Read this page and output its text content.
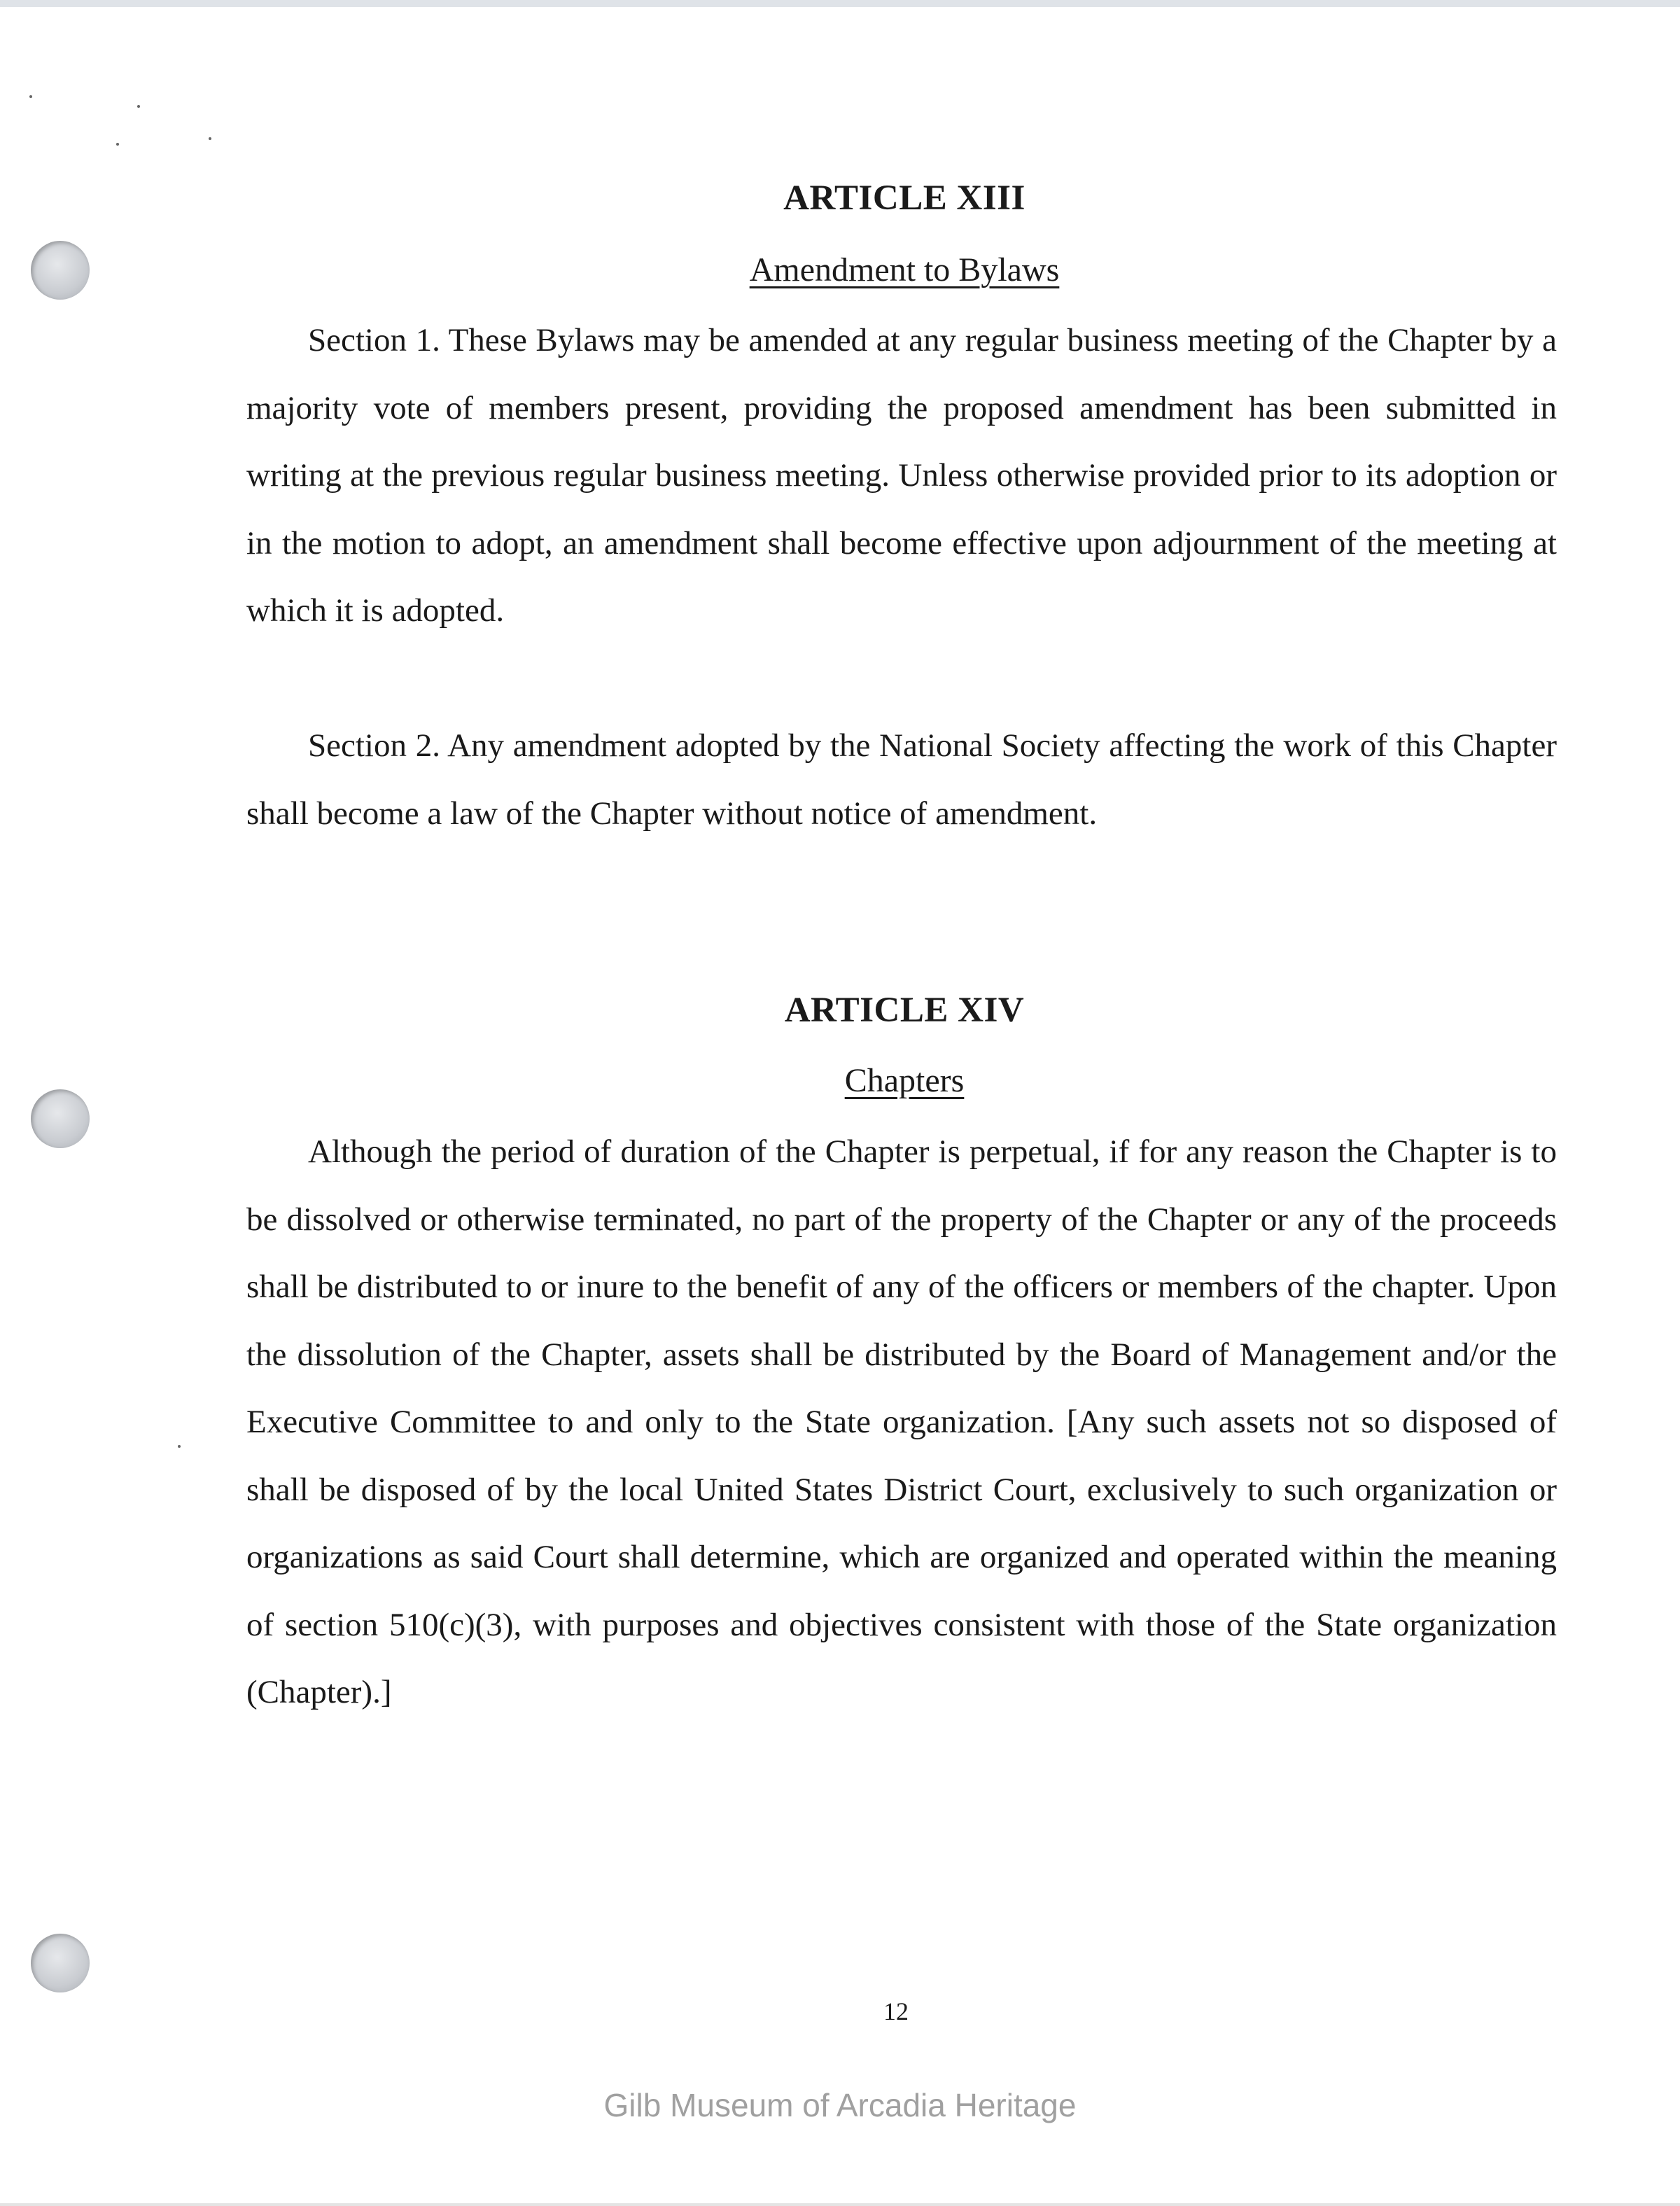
ARTICLE XIII
Amendment to Bylaws

Section 1. These Bylaws may be amended at any regular business meeting of the Chapter by a majority vote of members present, providing the proposed amendment has been submitted in writing at the previous regular business meeting. Unless otherwise provided prior to its adoption or in the motion to adopt, an amendment shall become effective upon adjournment of the meeting at which it is adopted.

Section 2. Any amendment adopted by the National Society affecting the work of this Chapter shall become a law of the Chapter without notice of amendment.

ARTICLE XIV
Chapters

Although the period of duration of the Chapter is perpetual, if for any reason the Chapter is to be dissolved or otherwise terminated, no part of the property of the Chapter or any of the proceeds shall be distributed to or inure to the benefit of any of the officers or members of the chapter. Upon the dissolution of the Chapter, assets shall be distributed by the Board of Management and/or the Executive Committee to and only to the State organization. [Any such assets not so disposed of shall be disposed of by the local United States District Court, exclusively to such organization or organizations as said Court shall determine, which are organized and operated within the meaning of section 510(c)(3), with purposes and objectives consistent with those of the State organization (Chapter).]

12
Gilb Museum of Arcadia Heritage
